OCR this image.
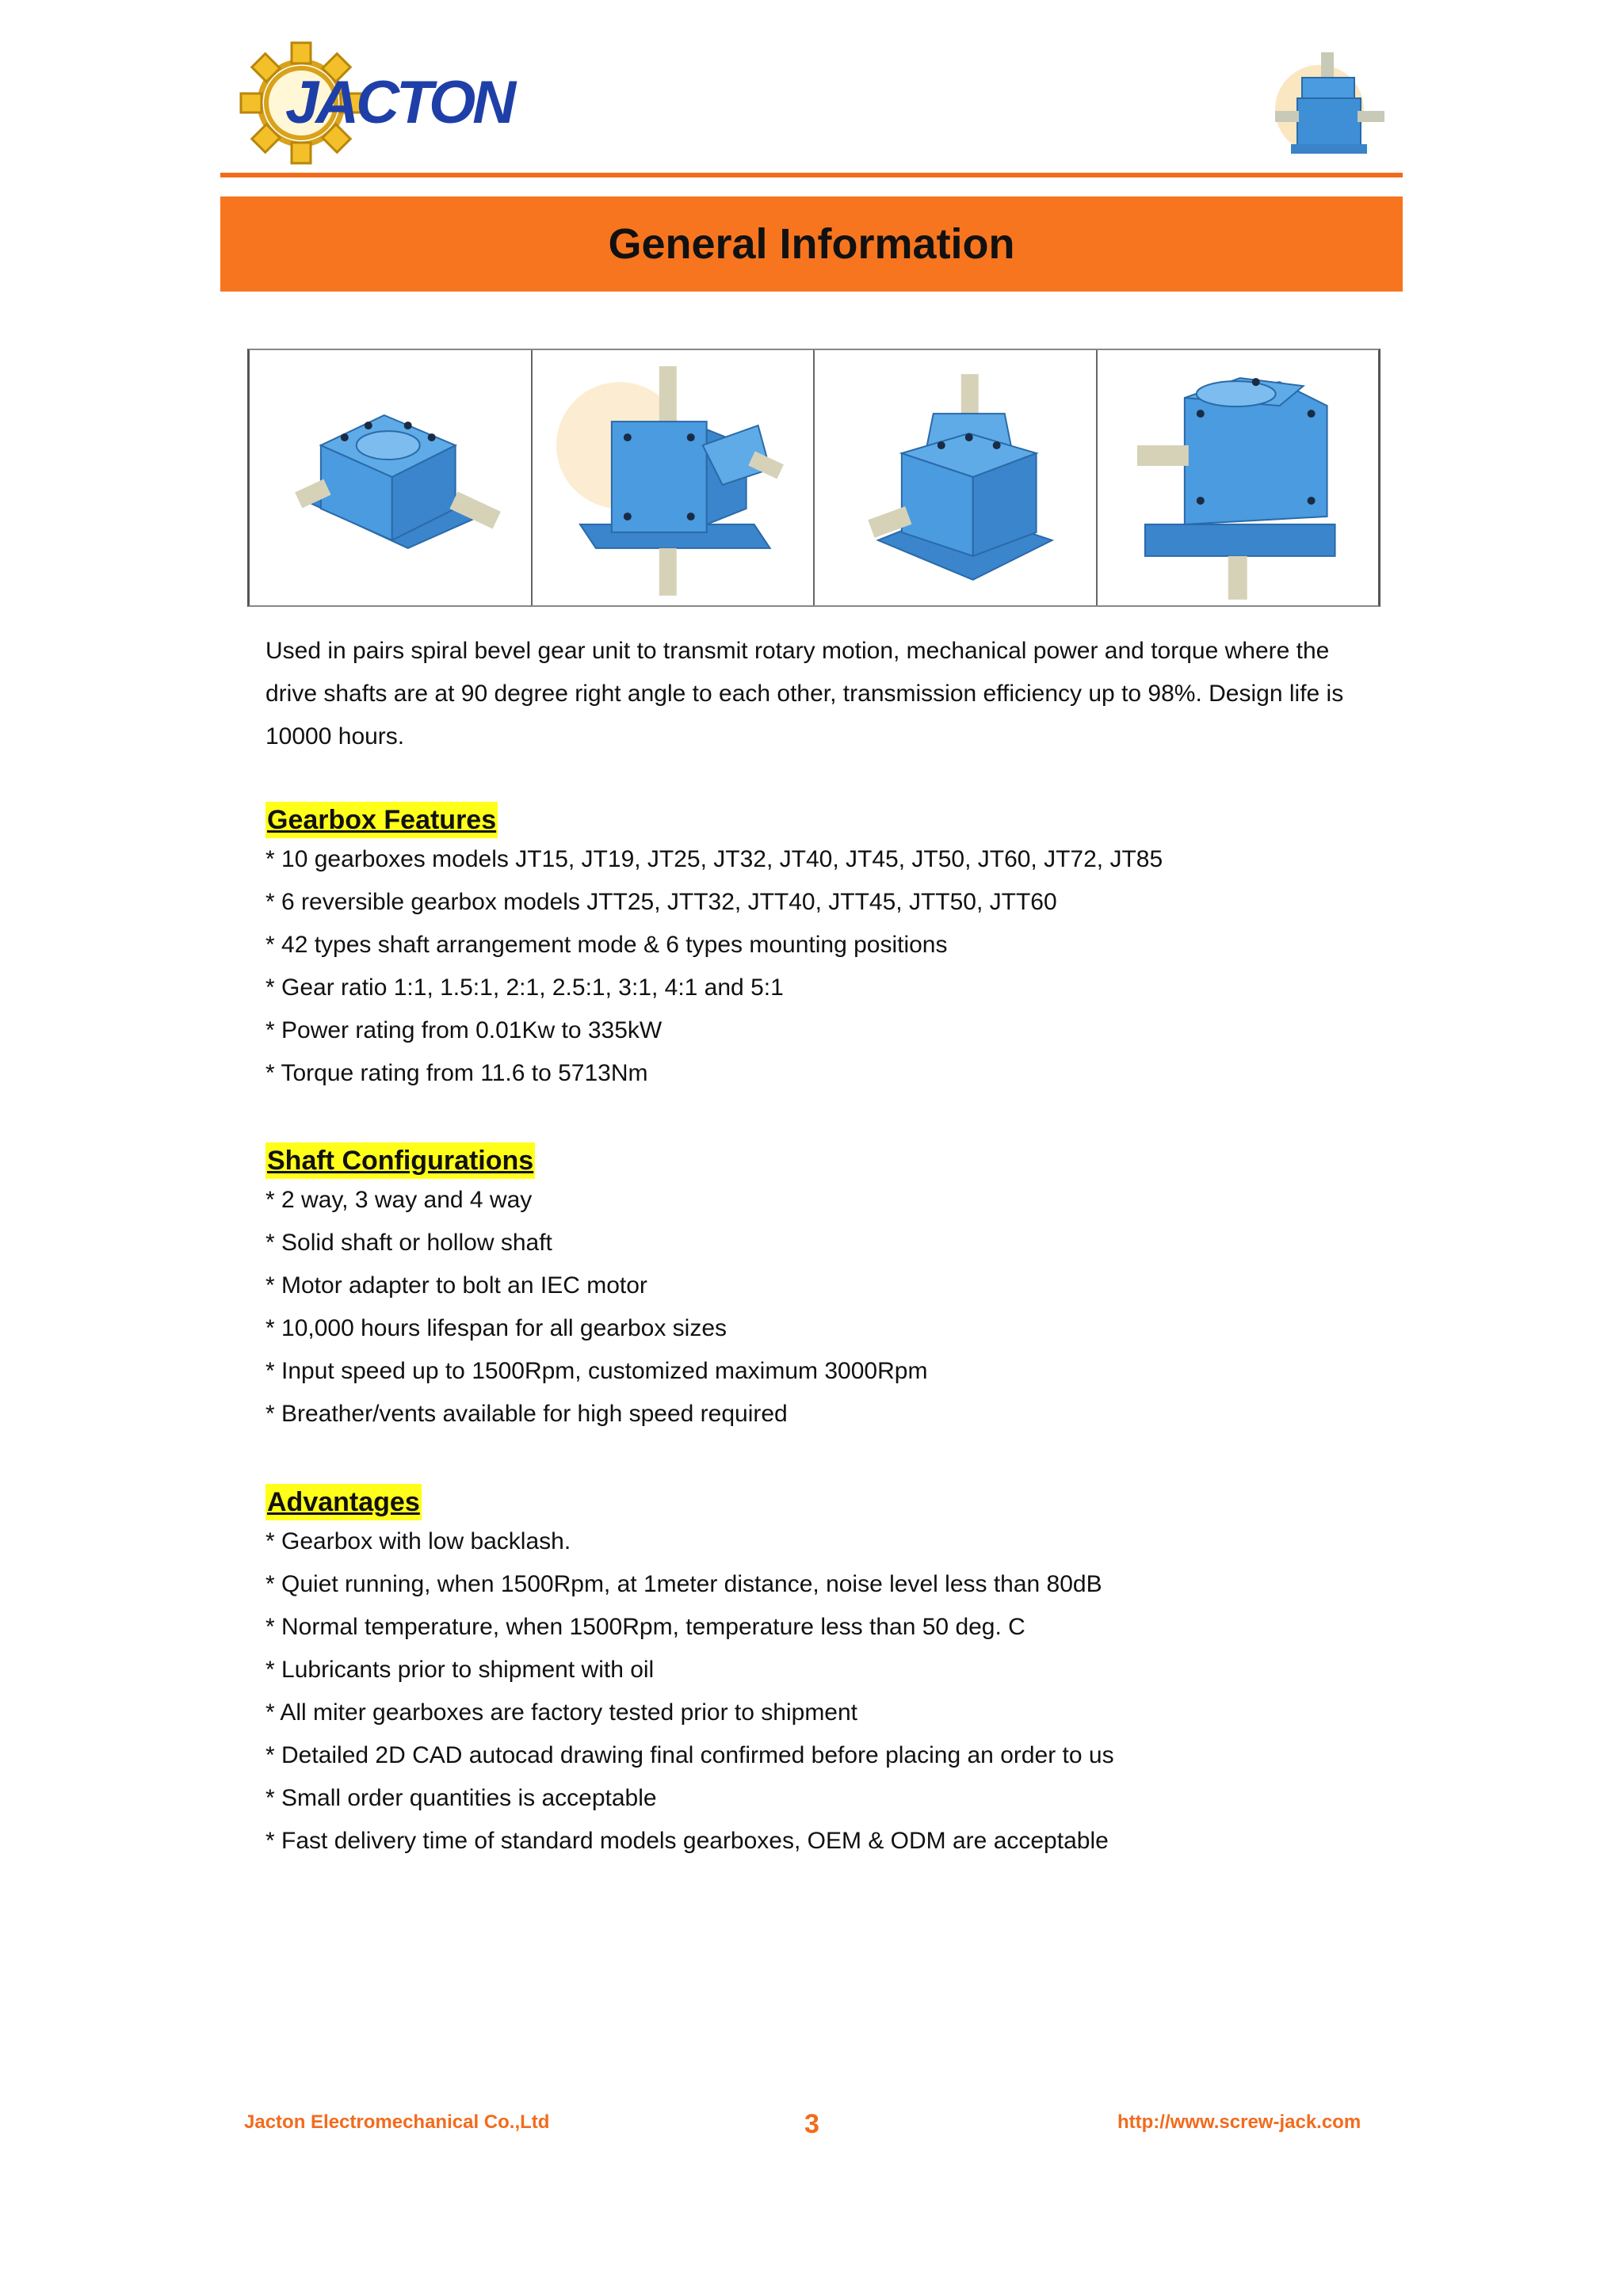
JACTON
General Information

Used in pairs spiral bevel gear unit to transmit rotary motion, mechanical power and torque where the drive shafts are at 90 degree right angle to each other, transmission efficiency up to 98%. Design life is 10000 hours.

Gearbox Features
* 10 gearboxes models JT15, JT19, JT25, JT32, JT40, JT45, JT50, JT60, JT72, JT85
* 6 reversible gearbox models JTT25, JTT32, JTT40, JTT45, JTT50, JTT60
* 42 types shaft arrangement mode & 6 types mounting positions
* Gear ratio 1:1, 1.5:1, 2:1, 2.5:1, 3:1, 4:1 and 5:1
* Power rating from 0.01Kw to 335kW
* Torque rating from 11.6 to 5713Nm
Shaft Configurations
* 2 way, 3 way and 4 way
* Solid shaft or hollow shaft
* Motor adapter to bolt an IEC motor
* 10,000 hours lifespan for all gearbox sizes
* Input speed up to 1500Rpm, customized maximum 3000Rpm
* Breather/vents available for high speed required
Advantages
* Gearbox with low backlash.
* Quiet running, when 1500Rpm, at 1meter distance, noise level less than 80dB
* Normal temperature, when 1500Rpm, temperature less than 50 deg. C
* Lubricants prior to shipment with oil
* All miter gearboxes are factory tested prior to shipment
* Detailed 2D CAD autocad drawing final confirmed before placing an order to us
* Small order quantities is acceptable
* Fast delivery time of standard models gearboxes, OEM & ODM are acceptable
Jacton Electromechanical Co.,Ltd	3	http://www.screw-jack.com
